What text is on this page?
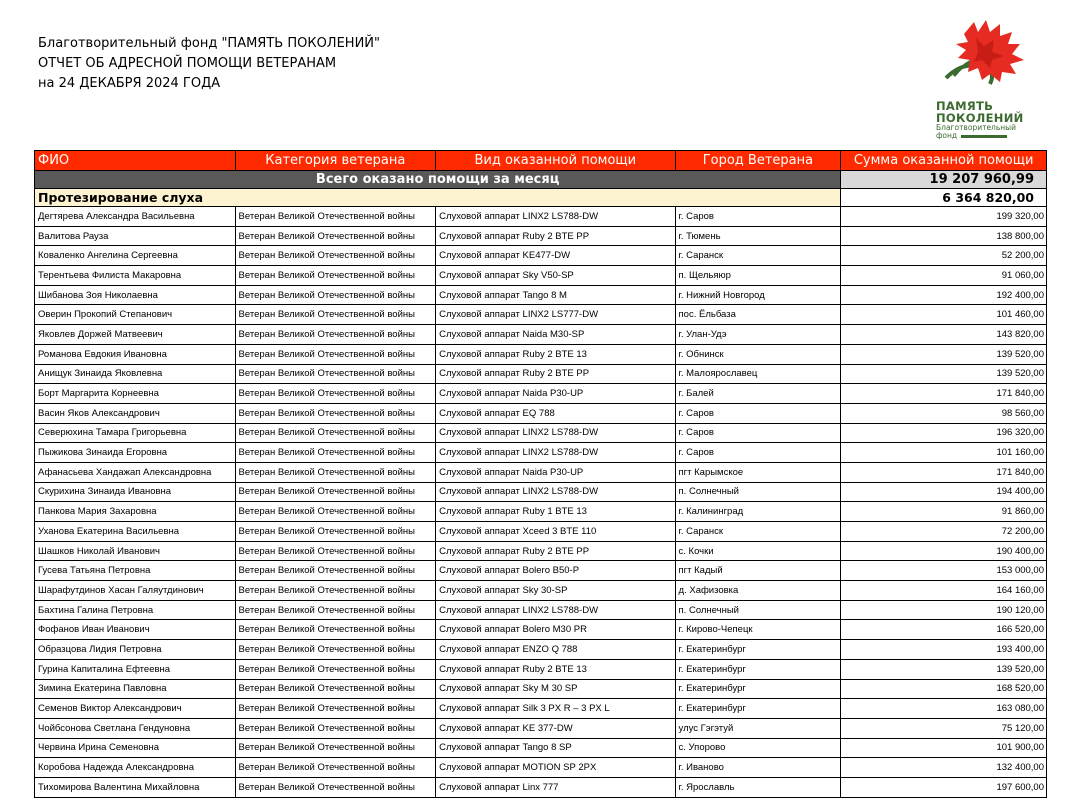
Благотворительный фонд "ПАМЯТЬ ПОКОЛЕНИЙ"
ОТЧЕТ ОБ АДРЕСНОЙ ПОМОЩИ ВЕТЕРАНАМ
на 24 ДЕКАБРЯ 2024 ГОДА
ПАМЯТЬ
ПОКОЛЕНИЙ
Благотворительный
фонд
ФИО	Категория ветерана	Вид оказанной помощи	Город Ветерана	Сумма оказанной помощи
Всего оказано помощи за месяц				19 207 960,99
Протезирование слуха				6 364 820,00
Дегтярева Александра Васильевна	Ветеран Великой Отечественной войны	Слуховой аппарат LINX2 LS788-DW	г. Саров	199 320,00
Валитова Рауза	Ветеран Великой Отечественной войны	Слуховой аппарат Ruby 2 BTE PP	г. Тюмень	138 800,00
Коваленко Ангелина Сергеевна	Ветеран Великой Отечественной войны	Слуховой аппарат KE477-DW	г. Саранск	52 200,00
Терентьева Филиста Макаровна	Ветеран Великой Отечественной войны	Слуховой аппарат Sky V50-SP	п. Щельяюр	91 060,00
Шибанова Зоя Николаевна	Ветеран Великой Отечественной войны	Слуховой аппарат Tango 8 M	г. Нижний Новгород	192 400,00
Оверин Прокопий Степанович	Ветеран Великой Отечественной войны	Слуховой аппарат LINX2 LS777-DW	пос. Ёльбаза	101 460,00
Яковлев Доржей Матвеевич	Ветеран Великой Отечественной войны	Слуховой аппарат Naida M30-SP	г. Улан-Удэ	143 820,00
Романова Евдокия Ивановна	Ветеран Великой Отечественной войны	Слуховой аппарат Ruby 2 BTE 13	г. Обнинск	139 520,00
Анищук Зинаида Яковлевна	Ветеран Великой Отечественной войны	Слуховой аппарат Ruby 2 BTE PP	г. Малоярославец	139 520,00
Борт Маргарита Корнеевна	Ветеран Великой Отечественной войны	Слуховой аппарат Naida P30-UP	г. Балей	171 840,00
Васин Яков Александрович	Ветеран Великой Отечественной войны	Слуховой аппарат EQ 788	г. Саров	98 560,00
Северюхина Тамара Григорьевна	Ветеран Великой Отечественной войны	Слуховой аппарат LINX2 LS788-DW	г. Саров	196 320,00
Пыжикова Зинаида Егоровна	Ветеран Великой Отечественной войны	Слуховой аппарат LINX2 LS788-DW	г. Саров	101 160,00
Афанасьева Хандажап Александровна	Ветеран Великой Отечественной войны	Слуховой аппарат Naida P30-UP	пгт Карымское	171 840,00
Скурихина Зинаида Ивановна	Ветеран Великой Отечественной войны	Слуховой аппарат LINX2 LS788-DW	п. Солнечный	194 400,00
Панкова Мария Захаровна	Ветеран Великой Отечественной войны	Слуховой аппарат Ruby 1 BTE 13	г. Калининград	91 860,00
Уханова Екатерина Васильевна	Ветеран Великой Отечественной войны	Слуховой аппарат Xceed 3 BTE 110	г. Саранск	72 200,00
Шашков Николай Иванович	Ветеран Великой Отечественной войны	Слуховой аппарат Ruby 2 BTE PP	с. Кочки	190 400,00
Гусева Татьяна Петровна	Ветеран Великой Отечественной войны	Слуховой аппарат Bolero B50-P	пгт Кадый	153 000,00
Шарафутдинов Хасан Галяутдинович	Ветеран Великой Отечественной войны	Слуховой аппарат Sky 30-SP	д. Хафизовка	164 160,00
Бахтина Галина Петровна	Ветеран Великой Отечественной войны	Слуховой аппарат LINX2 LS788-DW	п. Солнечный	190 120,00
Фофанов Иван Иванович	Ветеран Великой Отечественной войны	Слуховой аппарат Bolero M30 PR	г. Кирово-Чепецк	166 520,00
Образцова Лидия Петровна	Ветеран Великой Отечественной войны	Слуховой аппарат ENZO Q 788	г. Екатеринбург	193 400,00
Гурина Капиталина Ефтеевна	Ветеран Великой Отечественной войны	Слуховой аппарат Ruby 2 BTE 13	г. Екатеринбург	139 520,00
Зимина Екатерина Павловна	Ветеран Великой Отечественной войны	Слуховой аппарат Sky M 30 SP	г. Екатеринбург	168 520,00
Семенов Виктор Александрович	Ветеран Великой Отечественной войны	Слуховой аппарат Silk 3 PX R – 3 PX L	г. Екатеринбург	163 080,00
Чойбсонова Светлана Гендуновна	Ветеран Великой Отечественной войны	Слуховой аппарат KE 377-DW	улус Гэгэтуй	75 120,00
Червина Ирина Семеновна	Ветеран Великой Отечественной войны	Слуховой аппарат Tango 8 SP	с. Упорово	101 900,00
Коробова Надежда Александровна	Ветеран Великой Отечественной войны	Слуховой аппарат MOTION SP 2PX	г. Иваново	132 400,00
Тихомирова Валентина Михайловна	Ветеран Великой Отечественной войны	Слуховой аппарат Linx 777	г. Ярославль	197 600,00
